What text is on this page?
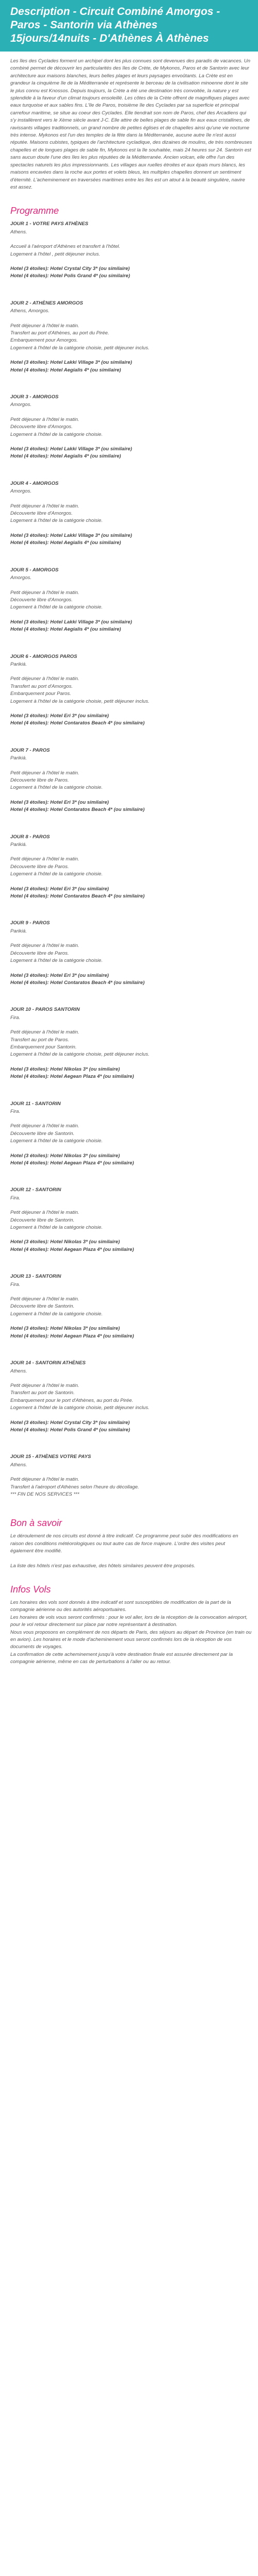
Description - Circuit Combiné Amorgos -
Paros - Santorin via Athènes
15jours/14nuits - D'Athènes À Athènes
Les îles des Cyclades forment un archipel dont les plus connues sont devenues des paradis de vacances. Un combiné permet de découvrir les particularités des îles de Crète, de Mykonos, Paros et de Santorin avec leur architecture aux maisons blanches, leurs belles plages et leurs paysages envoûtants. La Crète est en grandeur la cinquième île de la Méditerranée et représente le berceau de la civilisation minoenne dont le site le plus connu est Knossos. Depuis toujours, la Crète a été une destination très convoitée, la nature y est splendide à la faveur d'un climat toujours ensoleillé. Les côtes de la Crète offrent de magnifiques plages avec eaux turquoise et aux sables fins. L'île de Paros, troisième île des Cyclades par sa superficie et principal carrefour maritime, se situe au coeur des Cyclades. Elle tiendrait son nom de Paros, chef des Arcadiens qui s'y installèrent vers le Xème siècle avant J-C. Elle attire de belles plages de sable fin aux eaux cristallines, de ravissants villages traditionnels, un grand nombre de petites églises et de chapelles ainsi qu'une vie nocturne très intense. Mykonos est l'un des temples de la fête dans la Méditerranée, aucune autre île n'est aussi réputée. Maisons cubistes, typiques de l'architecture cycladique, des dizaines de moulins, de très nombreuses chapelles et de longues plages de sable fin, Mykonos est la île souhaitée, mais 24 heures sur 24. Santorin est sans aucun doute l'une des îles les plus réputées de la Méditerranée. Ancien volcan, elle offre l'un des spectacles naturels les plus impressionnants. Les villages aux ruelles étroites et aux épais murs blancs, les maisons encavées dans la roche aux portes et volets bleus, les multiples chapelles donnent un sentiment d'éternité. L'acheminement en traversées maritimes entre les îles est un atout à la beauté singulière, navire est assez.
Programme
JOUR 1 - VOTRE PAYS ATHÈNES
Athens.
Accueil à l'aéroport d'Athènes et transfert à l'hôtel.
Logement à l'hôtel , petit déjeuner inclus.
Hotel (3 étoiles): Hotel Crystal City 3* (ou similaire)
Hotel (4 étoiles): Hotel Polis Grand 4* (ou similaire)
JOUR 2 - ATHÈNES AMORGOS
Athens, Amorgos.
Petit déjeuner à l'hôtel le matin.
Transfert au port d'Athènes, au port du Pirée.
Embarquement pour Amorgos.
Logement à l'hôtel de la catégorie choisie, petit déjeuner inclus.
Hotel (3 étoiles): Hotel Lakki Village 3* (ou similaire)
Hotel (4 étoiles): Hotel Aegialis 4* (ou similaire)
JOUR 3 - AMORGOS
Amorgos.
Petit déjeuner à l'hôtel le matin.
Découverte libre d'Amorgos.
Logement à l'hôtel de la catégorie choisie.
Hotel (3 étoiles): Hotel Lakki Village 3* (ou similaire)
Hotel (4 étoiles): Hotel Aegialis 4* (ou similaire)
JOUR 4 - AMORGOS
Amorgos.
Petit déjeuner à l'hôtel le matin.
Découverte libre d'Amorgos.
Logement à l'hôtel de la catégorie choisie.
Hotel (3 étoiles): Hotel Lakki Village 3* (ou similaire)
Hotel (4 étoiles): Hotel Aegialis 4* (ou similaire)
JOUR 5 - AMORGOS
Amorgos.
Petit déjeuner à l'hôtel le matin.
Découverte libre d'Amorgos.
Logement à l'hôtel de la catégorie choisie.
Hotel (3 étoiles): Hotel Lakki Village 3* (ou similaire)
Hotel (4 étoiles): Hotel Aegialis 4* (ou similaire)
JOUR 6 - AMORGOS PAROS
Parikiá.
Petit déjeuner à l'hôtel le matin.
Transfert au port d'Amorgos.
Embarquement pour Paros.
Logement à l'hôtel de la catégorie choisie, petit déjeuner inclus.
Hotel (3 étoiles): Hotel Eri 3* (ou similaire)
Hotel (4 étoiles): Hotel Contaratos Beach 4* (ou similaire)
JOUR 7 - PAROS
Parikiá.
Petit déjeuner à l'hôtel le matin.
Découverte libre de Paros.
Logement à l'hôtel de la catégorie choisie.
Hotel (3 étoiles): Hotel Eri 3* (ou similaire)
Hotel (4 étoiles): Hotel Contaratos Beach 4* (ou similaire)
JOUR 8 - PAROS
Parikiá.
Petit déjeuner à l'hôtel le matin.
Découverte libre de Paros.
Logement à l'hôtel de la catégorie choisie.
Hotel (3 étoiles): Hotel Eri 3* (ou similaire)
Hotel (4 étoiles): Hotel Contaratos Beach 4* (ou similaire)
JOUR 9 - PAROS
Parikiá.
Petit déjeuner à l'hôtel le matin.
Découverte libre de Paros.
Logement à l'hôtel de la catégorie choisie.
Hotel (3 étoiles): Hotel Eri 3* (ou similaire)
Hotel (4 étoiles): Hotel Contaratos Beach 4* (ou similaire)
JOUR 10 - PAROS SANTORIN
Fira.
Petit déjeuner à l'hôtel le matin.
Transfert au port de Paros.
Embarquement pour Santorin.
Logement à l'hôtel de la catégorie choisie, petit déjeuner inclus.
Hotel (3 étoiles): Hotel Nikolas 3* (ou similaire)
Hotel (4 étoiles): Hotel Aegean Plaza 4* (ou similaire)
JOUR 11 - SANTORIN
Fira.
Petit déjeuner à l'hôtel le matin.
Découverte libre de Santorin.
Logement à l'hôtel de la catégorie choisie.
Hotel (3 étoiles): Hotel Nikolas 3* (ou similaire)
Hotel (4 étoiles): Hotel Aegean Plaza 4* (ou similaire)
JOUR 12 - SANTORIN
Fira.
Petit déjeuner à l'hôtel le matin.
Découverte libre de Santorin.
Logement à l'hôtel de la catégorie choisie.
Hotel (3 étoiles): Hotel Nikolas 3* (ou similaire)
Hotel (4 étoiles): Hotel Aegean Plaza 4* (ou similaire)
JOUR 13 - SANTORIN
Fira.
Petit déjeuner à l'hôtel le matin.
Découverte libre de Santorin.
Logement à l'hôtel de la catégorie choisie.
Hotel (3 étoiles): Hotel Nikolas 3* (ou similaire)
Hotel (4 étoiles): Hotel Aegean Plaza 4* (ou similaire)
JOUR 14 - SANTORIN ATHÈNES
Athens.
Petit déjeuner à l'hôtel le matin.
Transfert au port de Santorin.
Embarquement pour le port d'Athènes, au port du Pirée.
Logement à l'hôtel de la catégorie choisie, petit déjeuner inclus.
Hotel (3 étoiles): Hotel Crystal City 3* (ou similaire)
Hotel (4 étoiles): Hotel Polis Grand 4* (ou similaire)
JOUR 15 - ATHÈNES VOTRE PAYS
Athens.
Petit déjeuner à l'hôtel le matin.
Transfert à l'aéroport d'Athènes selon l'heure du décollage.
*** FIN DE NOS SERVICES ***
Bon à savoir
Le déroulement de nos circuits est donné à titre indicatif. Ce programme peut subir des modifications en raison des conditions météorologiques ou tout autre cas de force majeure. L'ordre des visites peut également être modifié.
La liste des hôtels n'est pas exhaustive, des hôtels similaires peuvent être proposés.
Infos Vols
Les horaires des vols sont donnés à titre indicatif et sont susceptibles de modification de la part de la compagnie aérienne ou des autorités aéroportuaires.
Les horaires de vols vous seront confirmés : pour le vol aller, lors de la réception de la convocation aéroport, pour le vol retour directement sur place par notre représentant à destination.
Nous vous proposons en complément de nos départs de Paris, des séjours au départ de Province (en train ou en avion). Les horaires et le mode d'acheminement vous seront confirmés lors de la réception de vos documents de voyages.
La confirmation de cette acheminement jusqu'à votre destination finale est assurée directement par la compagnie aérienne, même en cas de perturbations à l'aller ou au retour.
